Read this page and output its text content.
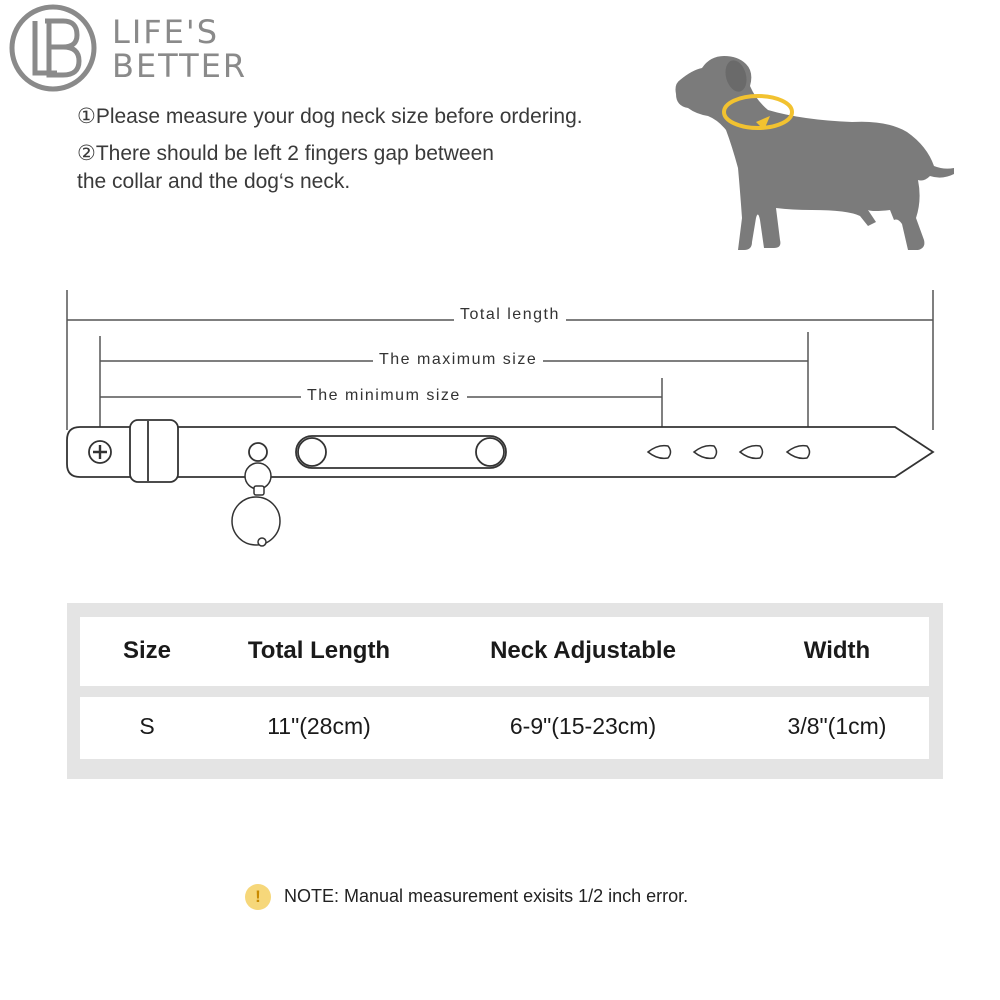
LIFE'S
BETTER
①Please measure your dog neck size before ordering.
②There should be left 2 fingers gap between
the collar and the dog‘s neck.
Total length
The maximum size
The minimum size
Size	Total Length	Neck Adjustable	Width
S	11"(28cm)	6-9"(15-23cm)	3/8"(1cm)
!	NOTE: Manual measurement exisits 1/2 inch error.
